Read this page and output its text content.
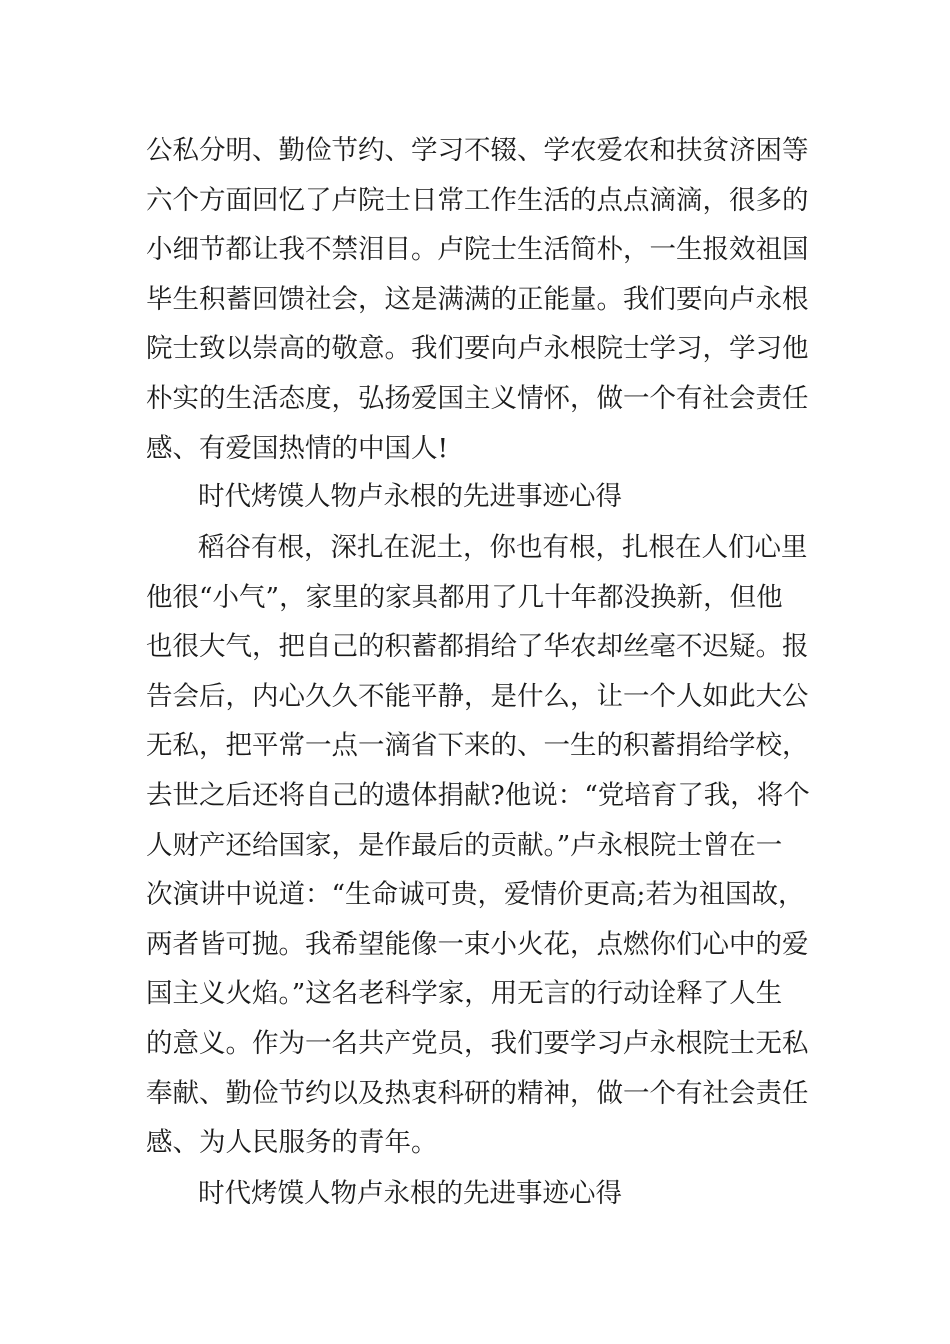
公私分明、勤俭节约、学习不辍、学农爱农和扶贫济困等
六个方面回忆了卢院士日常工作生活的点点滴滴，很多的
小细节都让我不禁泪目。卢院士生活简朴，一生报效祖国
毕生积蓄回馈社会，这是满满的正能量。我们要向卢永根
院士致以崇高的敬意。我们要向卢永根院士学习，学习他
朴实的生活态度，弘扬爱国主义情怀，做一个有社会责任
感、有爱国热情的中国人!
时代烤馍人物卢永根的先进事迹心得
稻谷有根，深扎在泥土，你也有根，扎根在人们心里
他很“小气”，家里的家具都用了几十年都没换新，但他
也很大气，把自己的积蓄都捐给了华农却丝毫不迟疑。报
告会后，内心久久不能平静，是什么，让一个人如此大公
无私，把平常一点一滴省下来的、一生的积蓄捐给学校，
去世之后还将自己的遗体捐献?他说：“党培育了我，将个
人财产还给国家，是作最后的贡献。”卢永根院士曾在一
次演讲中说道：“生命诚可贵，爱情价更高;若为祖国故，
两者皆可抛。我希望能像一束小火花，点燃你们心中的爱
国主义火焰。”这名老科学家，用无言的行动诠释了人生
的意义。作为一名共产党员，我们要学习卢永根院士无私
奉献、勤俭节约以及热衷科研的精神，做一个有社会责任
感、为人民服务的青年。
时代烤馍人物卢永根的先进事迹心得
